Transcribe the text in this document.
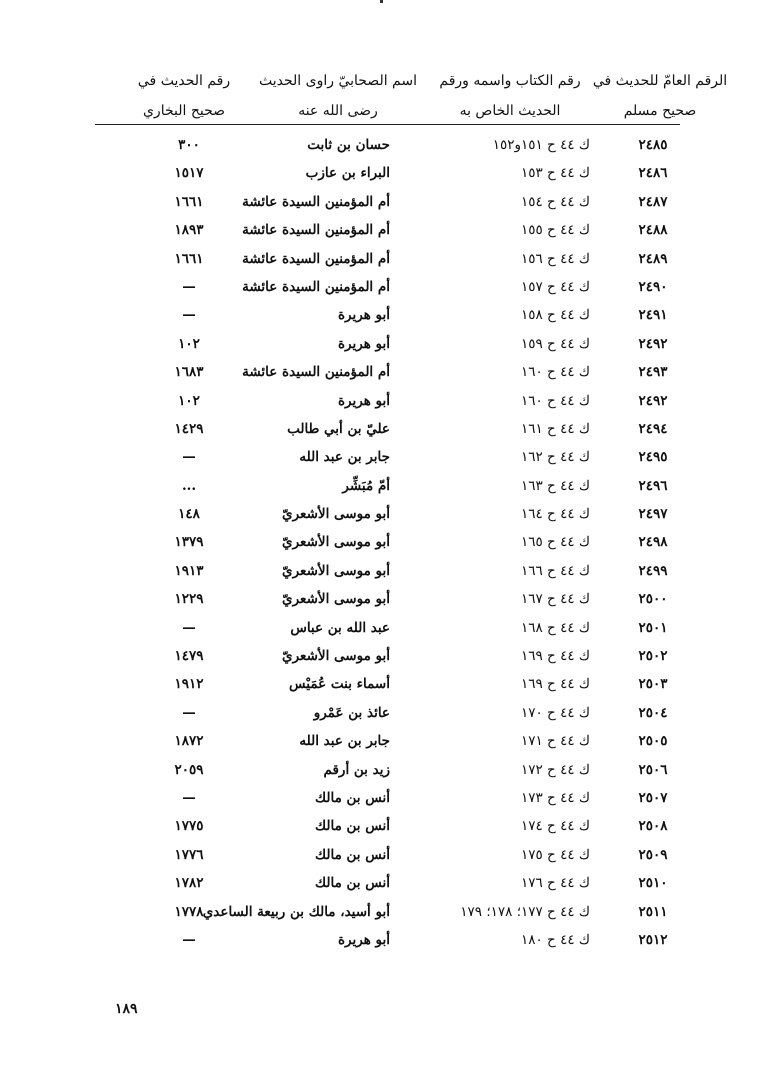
الرقم العامّ للحديث في صحيح مسلم
رقم الكتاب واسمه ورقم الحديث الخاص به
اسم الصحابيّ راوى الحديث رضى الله عنه
رقم الحديث في صحيح البخاري
٢٤٨٥
ك ٤٤ ح ١٥١و١٥٢
حسان بن ثابت
٣٠٠
٢٤٨٦
ك ٤٤ ح ١٥٣
البراء بن عازب
١٥١٧
٢٤٨٧
ك ٤٤ ح ١٥٤
أم المؤمنين السيدة عائشة
١٦٦١
٢٤٨٨
ك ٤٤ ح ١٥٥
أم المؤمنين السيدة عائشة
١٨٩٣
٢٤٨٩
ك ٤٤ ح ١٥٦
أم المؤمنين السيدة عائشة
١٦٦١
٢٤٩٠
ك ٤٤ ح ١٥٧
أم المؤمنين السيدة عائشة
—
٢٤٩١
ك ٤٤ ح ١٥٨
أبو هريرة
—
٢٤٩٢
ك ٤٤ ح ١٥٩
أبو هريرة
١٠٢
٢٤٩٣
ك ٤٤ ح ١٦٠
أم المؤمنين السيدة عائشة
١٦٨٣
٢٤٩٢
ك ٤٤ ح ١٦٠
أبو هريرة
١٠٢
٢٤٩٤
ك ٤٤ ح ١٦١
عليّ بن أبي طالب
١٤٢٩
٢٤٩٥
ك ٤٤ ح ١٦٢
جابر بن عبد الله
—
٢٤٩٦
ك ٤٤ ح ١٦٣
أمّ مُبَشِّر
...
٢٤٩٧
ك ٤٤ ح ١٦٤
أبو موسى الأشعريّ
١٤٨
٢٤٩٨
ك ٤٤ ح ١٦٥
أبو موسى الأشعريّ
١٣٧٩
٢٤٩٩
ك ٤٤ ح ١٦٦
أبو موسى الأشعريّ
١٩١٣
٢٥٠٠
ك ٤٤ ح ١٦٧
أبو موسى الأشعريّ
١٢٢٩
٢٥٠١
ك ٤٤ ح ١٦٨
عبد الله بن عباس
—
٢٥٠٢
ك ٤٤ ح ١٦٩
أبو موسى الأشعريّ
١٤٧٩
٢٥٠٣
ك ٤٤ ح ١٦٩
أسماء بنت عُمَيْس
١٩١٢
٢٥٠٤
ك ٤٤ ح ١٧٠
عائذ بن عَمْرو
—
٢٥٠٥
ك ٤٤ ح ١٧١
جابر بن عبد الله
١٨٧٢
٢٥٠٦
ك ٤٤ ح ١٧٢
زيد بن أرقم
٢٠٥٩
٢٥٠٧
ك ٤٤ ح ١٧٣
أنس بن مالك
—
٢٥٠٨
ك ٤٤ ح ١٧٤
أنس بن مالك
١٧٧٥
٢٥٠٩
ك ٤٤ ح ١٧٥
أنس بن مالك
١٧٧٦
٢٥١٠
ك ٤٤ ح ١٧٦
أنس بن مالك
١٧٨٢
٢٥١١
ك ٤٤ ح ١٧٧؛ ١٧٨؛ ١٧٩
أبو أسيد، مالك بن ربيعة الساعدي
١٧٧٨
٢٥١٢
ك ٤٤ ح ١٨٠
أبو هريرة
—
١٨٩
